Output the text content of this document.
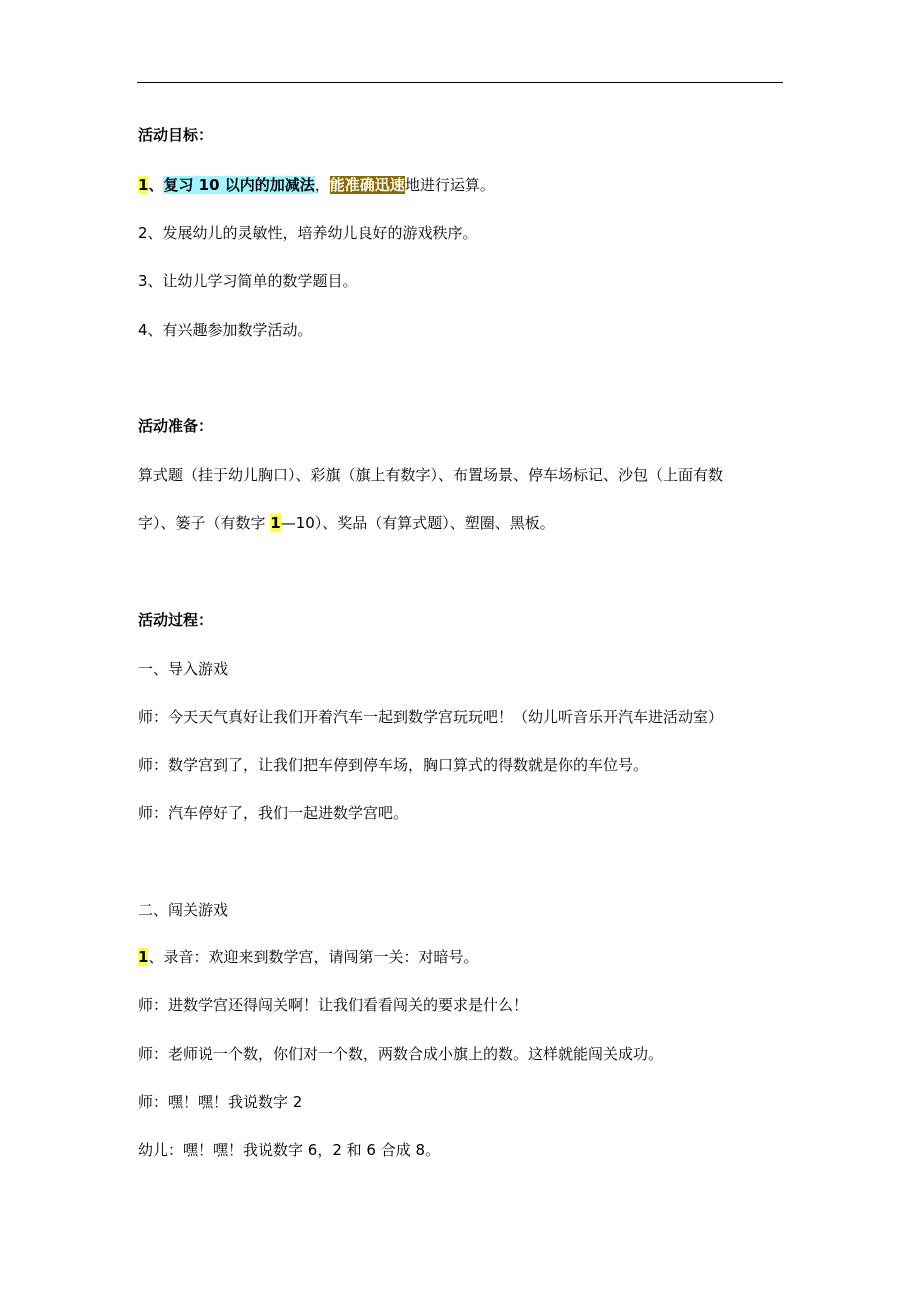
活动目标：
1、复习 10 以内的加减法，能准确迅速地进行运算。
2、发展幼儿的灵敏性，培养幼儿良好的游戏秩序。
3、让幼儿学习简单的数学题目。
4、有兴趣参加数学活动。
活动准备：
算式题（挂于幼儿胸口）、彩旗（旗上有数字）、布置场景、停车场标记、沙包（上面有数
字）、篓子（有数字 1—10）、奖品（有算式题）、塑圈、黑板。
活动过程：
一、导入游戏
师：今天天气真好让我们开着汽车一起到数学宫玩玩吧！（幼儿听音乐开汽车进活动室）
师：数学宫到了，让我们把车停到停车场，胸口算式的得数就是你的车位号。
师：汽车停好了，我们一起进数学宫吧。
二、闯关游戏
1、录音：欢迎来到数学宫，请闯第一关：对暗号。
师：进数学宫还得闯关啊！让我们看看闯关的要求是什么！
师：老师说一个数，你们对一个数，两数合成小旗上的数。这样就能闯关成功。
师：嘿！嘿！我说数字 2
幼儿：嘿！嘿！我说数字 6，2 和 6 合成 8。
